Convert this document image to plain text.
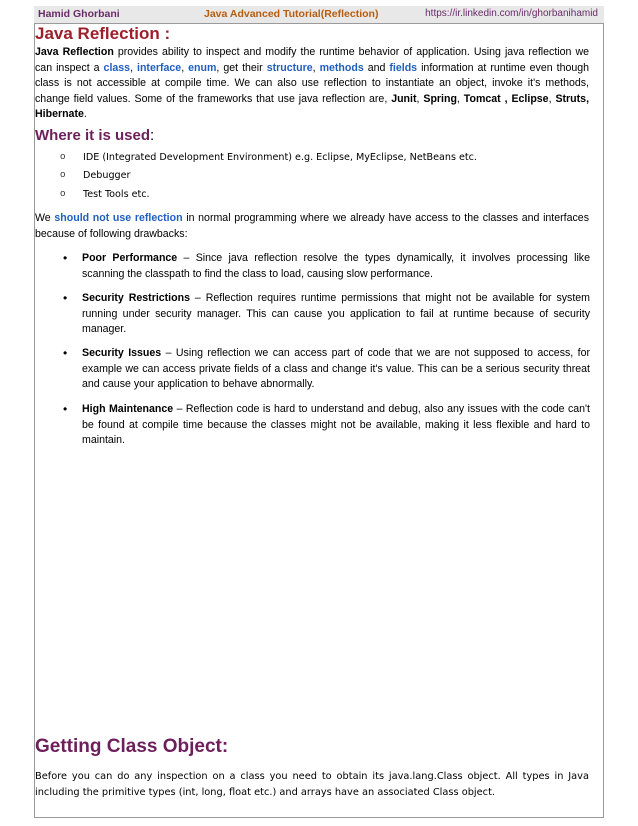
Hamid Ghorbani	Java Advanced Tutorial(Reflection)	https://ir.linkedin.com/in/ghorbanihamid
Java Reflection :
Java Reflection provides ability to inspect and modify the runtime behavior of application. Using java reflection we can inspect a class, interface, enum, get their structure, methods and fields information at runtime even though class is not accessible at compile time. We can also use reflection to instantiate an object, invoke it's methods, change field values. Some of the frameworks that use java reflection are, Junit, Spring, Tomcat , Eclipse, Struts, Hibernate.
Where it is used:
o IDE (Integrated Development Environment) e.g. Eclipse, MyEclipse, NetBeans etc.
o Debugger
o Test Tools etc.
We should not use reflection in normal programming where we already have access to the classes and interfaces because of following drawbacks:
• Poor Performance – Since java reflection resolve the types dynamically, it involves processing like scanning the classpath to find the class to load, causing slow performance.
• Security Restrictions – Reflection requires runtime permissions that might not be available for system running under security manager. This can cause you application to fail at runtime because of security manager.
• Security Issues – Using reflection we can access part of code that we are not supposed to access, for example we can access private fields of a class and change it's value. This can be a serious security threat and cause your application to behave abnormally.
• High Maintenance – Reflection code is hard to understand and debug, also any issues with the code can't be found at compile time because the classes might not be available, making it less flexible and hard to maintain.
Getting Class Object:
Before you can do any inspection on a class you need to obtain its java.lang.Class object. All types in Java including the primitive types (int, long, float etc.) and arrays have an associated Class object.
